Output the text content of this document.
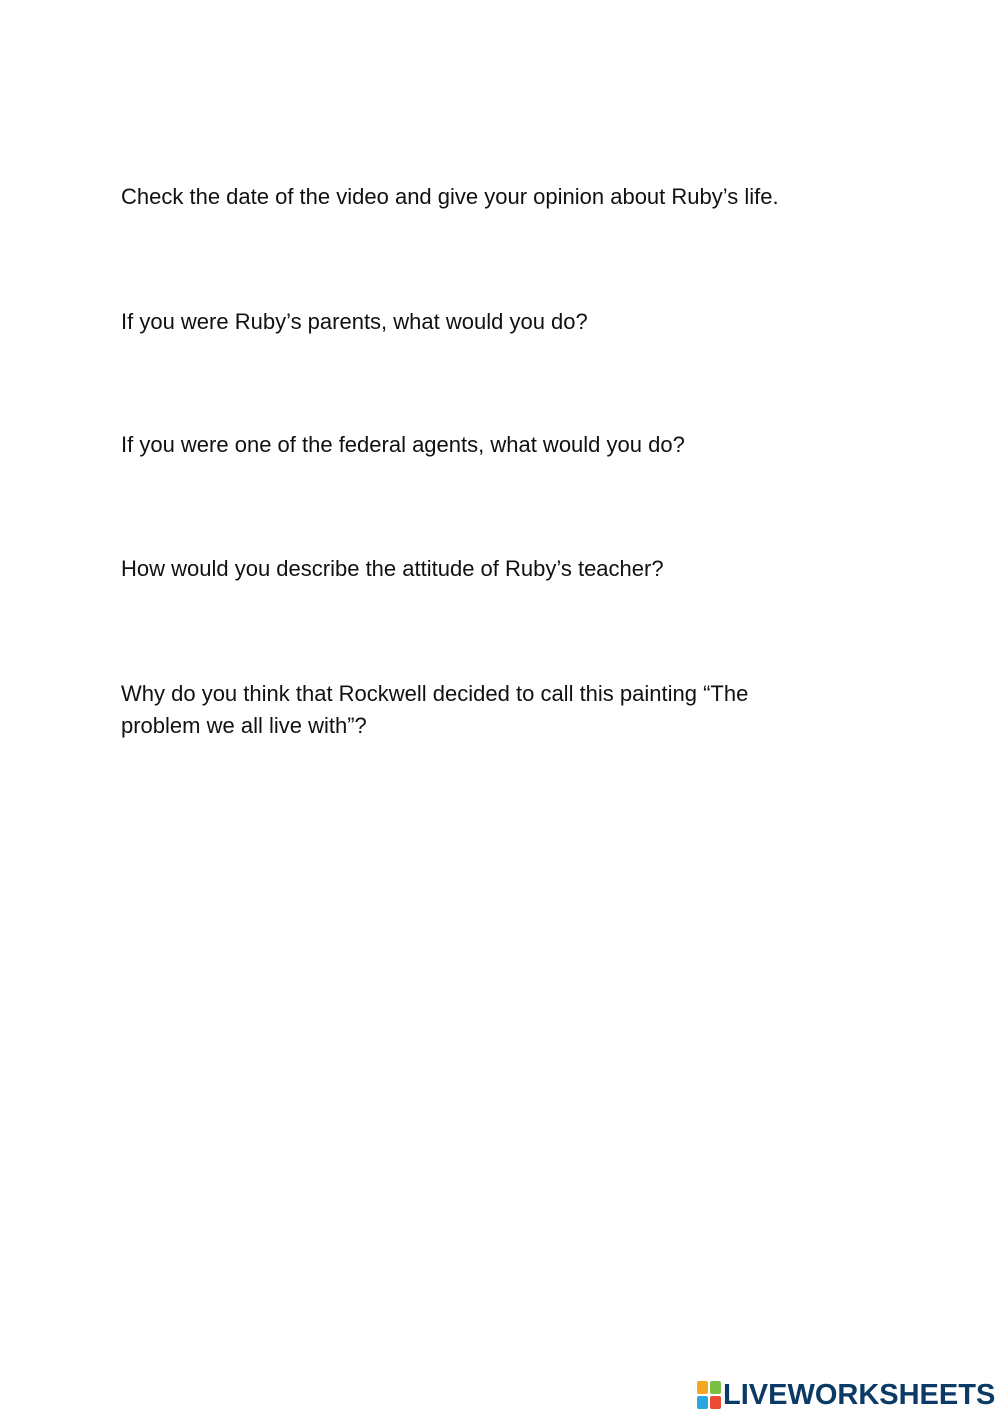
Check the date of the video and give your opinion about Ruby’s life.

If you were Ruby’s parents, what would you do?

If you were one of the federal agents, what would you do?

How would you describe the attitude of Ruby’s teacher?

Why do you think that Rockwell decided to call this painting “The problem we all live with”?

LIVEWORKSHEETS
